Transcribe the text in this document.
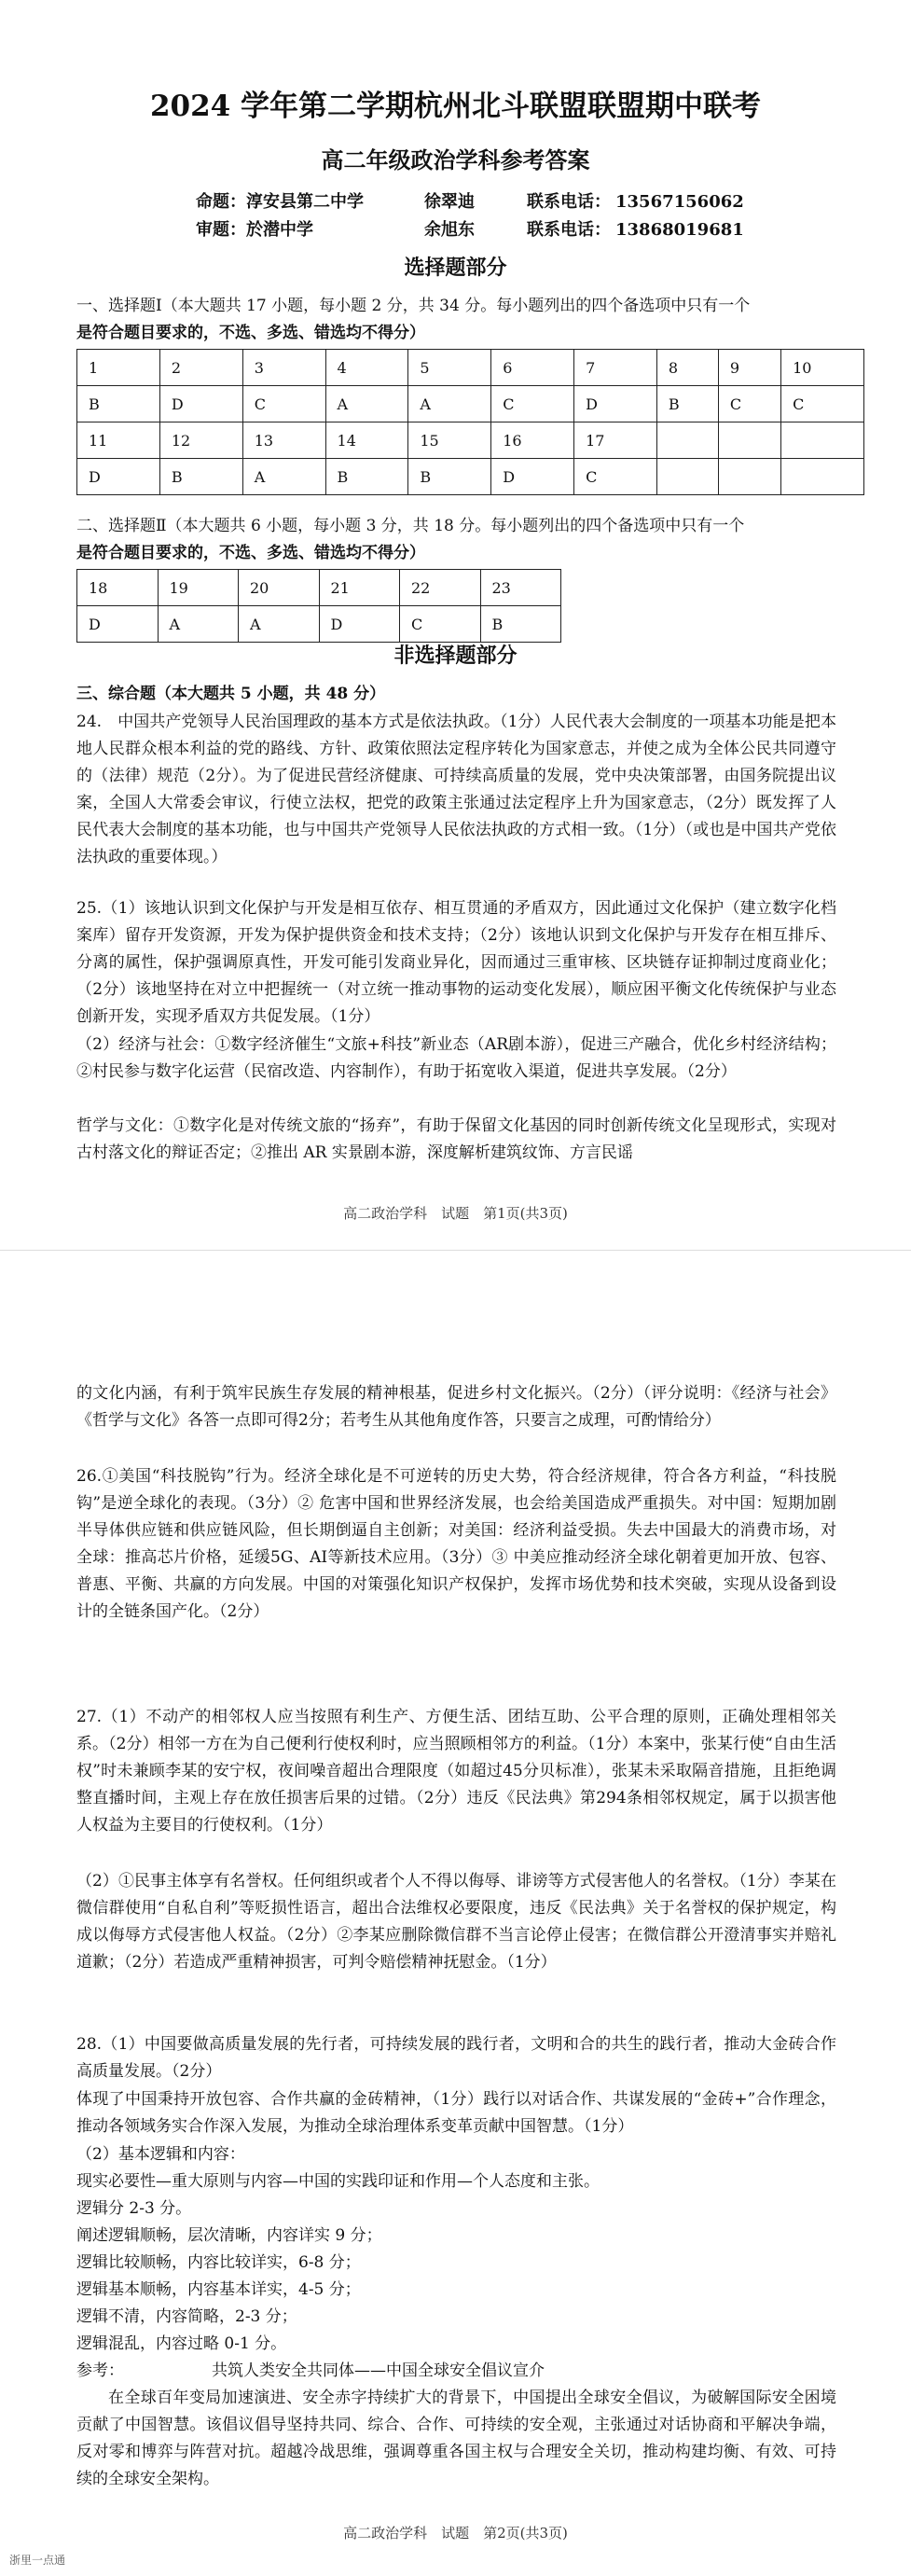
2024 学年第二学期杭州北斗联盟联盟期中联考
高二年级政治学科参考答案
命题：淳安县第二中学	徐翠迪	联系电话： 13567156062
审题：於潜中学	余旭东	联系电话： 13868019681
选择题部分
一、选择题Ⅰ（本大题共 17 小题，每小题 2 分，共 34 分。每小题列出的四个备选项中只有一个
是符合题目要求的，不选、多选、错选均不得分）
1	2	3	4	5	6	7	8	9	10
B	D	C	A	A	C	D	B	C	C
11	12	13	14	15	16	17			
D	B	A	B	B	D	C			
二、选择题Ⅱ（本大题共 6 小题，每小题 3 分，共 18 分。每小题列出的四个备选项中只有一个
是符合题目要求的，不选、多选、错选均不得分）
18	19	20	21	22	23
D	A	A	D	C	B
非选择题部分
三、综合题（本大题共 5 小题，共 48 分）
24.　中国共产党领导人民治国理政的基本方式是依法执政。（1分）人民代表大会制度的一项基本功能是把本地人民群众根本利益的党的路线、方针、政策依照法定程序转化为国家意志，并使之成为全体公民共同遵守的（法律）规范（2分）。为了促进民营经济健康、可持续高质量的发展，党中央决策部署，由国务院提出议案，全国人大常委会审议，行使立法权，把党的政策主张通过法定程序上升为国家意志，（2分）既发挥了人民代表大会制度的基本功能，也与中国共产党领导人民依法执政的方式相一致。（1分）（或也是中国共产党依法执政的重要体现。）
25.（1）该地认识到文化保护与开发是相互依存、相互贯通的矛盾双方，因此通过文化保护（建立数字化档案库）留存开发资源，开发为保护提供资金和技术支持；（2分）该地认识到文化保护与开发存在相互排斥、分离的属性，保护强调原真性，开发可能引发商业异化，因而通过三重审核、区块链存证抑制过度商业化；（2分）该地坚持在对立中把握统一（对立统一推动事物的运动变化发展），顺应困平衡文化传统保护与业态创新开发，实现矛盾双方共促发展。（1分）
（2）经济与社会：①数字经济催生“文旅+科技”新业态（AR剧本游），促进三产融合，优化乡村经济结构；②村民参与数字化运营（民宿改造、内容制作），有助于拓宽收入渠道，促进共享发展。（2分）
哲学与文化：①数字化是对传统文旅的“扬弃”，有助于保留文化基因的同时创新传统文化呈现形式，实现对古村落文化的辩证否定；②推出 AR 实景剧本游，深度解析建筑纹饰、方言民谣
高二政治学科　试题　第1页(共3页)
的文化内涵，有利于筑牢民族生存发展的精神根基，促进乡村文化振兴。（2分）（评分说明：《经济与社会》《哲学与文化》各答一点即可得2分；若考生从其他角度作答，只要言之成理，可酌情给分）
26.①美国“科技脱钩”行为。经济全球化是不可逆转的历史大势，符合经济规律，符合各方利益，“科技脱钩”是逆全球化的表现。（3分）② 危害中国和世界经济发展，也会给美国造成严重损失。对中国：短期加剧半导体供应链和供应链风险，但长期倒逼自主创新；对美国：经济利益受损。失去中国最大的消费市场，对全球：推高芯片价格，延缓5G、AI等新技术应用。（3分）③ 中美应推动经济全球化朝着更加开放、包容、普惠、平衡、共赢的方向发展。中国的对策强化知识产权保护，发挥市场优势和技术突破，实现从设备到设计的全链条国产化。（2分）
27.（1）不动产的相邻权人应当按照有利生产、方便生活、团结互助、公平合理的原则，正确处理相邻关系。（2分）相邻一方在为自己便利行使权利时，应当照顾相邻方的利益。（1分）本案中，张某行使“自由生活权”时未兼顾李某的安宁权，夜间噪音超出合理限度（如超过45分贝标准），张某未采取隔音措施，且拒绝调整直播时间，主观上存在放任损害后果的过错。（2分）违反《民法典》第294条相邻权规定，属于以损害他人权益为主要目的行使权利。（1分）
（2）①民事主体享有名誉权。任何组织或者个人不得以侮辱、诽谤等方式侵害他人的名誉权。（1分）李某在微信群使用“自私自利”等贬损性语言，超出合法维权必要限度，违反《民法典》关于名誉权的保护规定，构成以侮辱方式侵害他人权益。（2分）②李某应删除微信群不当言论停止侵害；在微信群公开澄清事实并赔礼道歉；（2分）若造成严重精神损害，可判令赔偿精神抚慰金。（1分）
28.（1）中国要做高质量发展的先行者，可持续发展的践行者，文明和合的共生的践行者，推动大金砖合作高质量发展。（2分）
体现了中国秉持开放包容、合作共赢的金砖精神，（1分）践行以对话合作、共谋发展的“金砖+”合作理念，推动各领域务实合作深入发展，为推动全球治理体系变革贡献中国智慧。（1分）
（2）基本逻辑和内容：
现实必要性—重大原则与内容—中国的实践印证和作用—个人态度和主张。
逻辑分 2-3 分。
阐述逻辑顺畅，层次清晰，内容详实 9 分；
逻辑比较顺畅，内容比较详实，6-8 分；
逻辑基本顺畅，内容基本详实，4-5 分；
逻辑不清，内容简略，2-3 分；
逻辑混乱，内容过略 0-1 分。
参考：	共筑人类安全共同体——中国全球安全倡议宣介
在全球百年变局加速演进、安全赤字持续扩大的背景下，中国提出全球安全倡议，为破解国际安全困境贡献了中国智慧。该倡议倡导坚持共同、综合、合作、可持续的安全观，主张通过对话协商和平解决争端，反对零和博弈与阵营对抗。超越冷战思维，强调尊重各国主权与合理安全关切，推动构建均衡、有效、可持续的全球安全架构。
高二政治学科　试题　第2页(共3页)
浙里一点通
